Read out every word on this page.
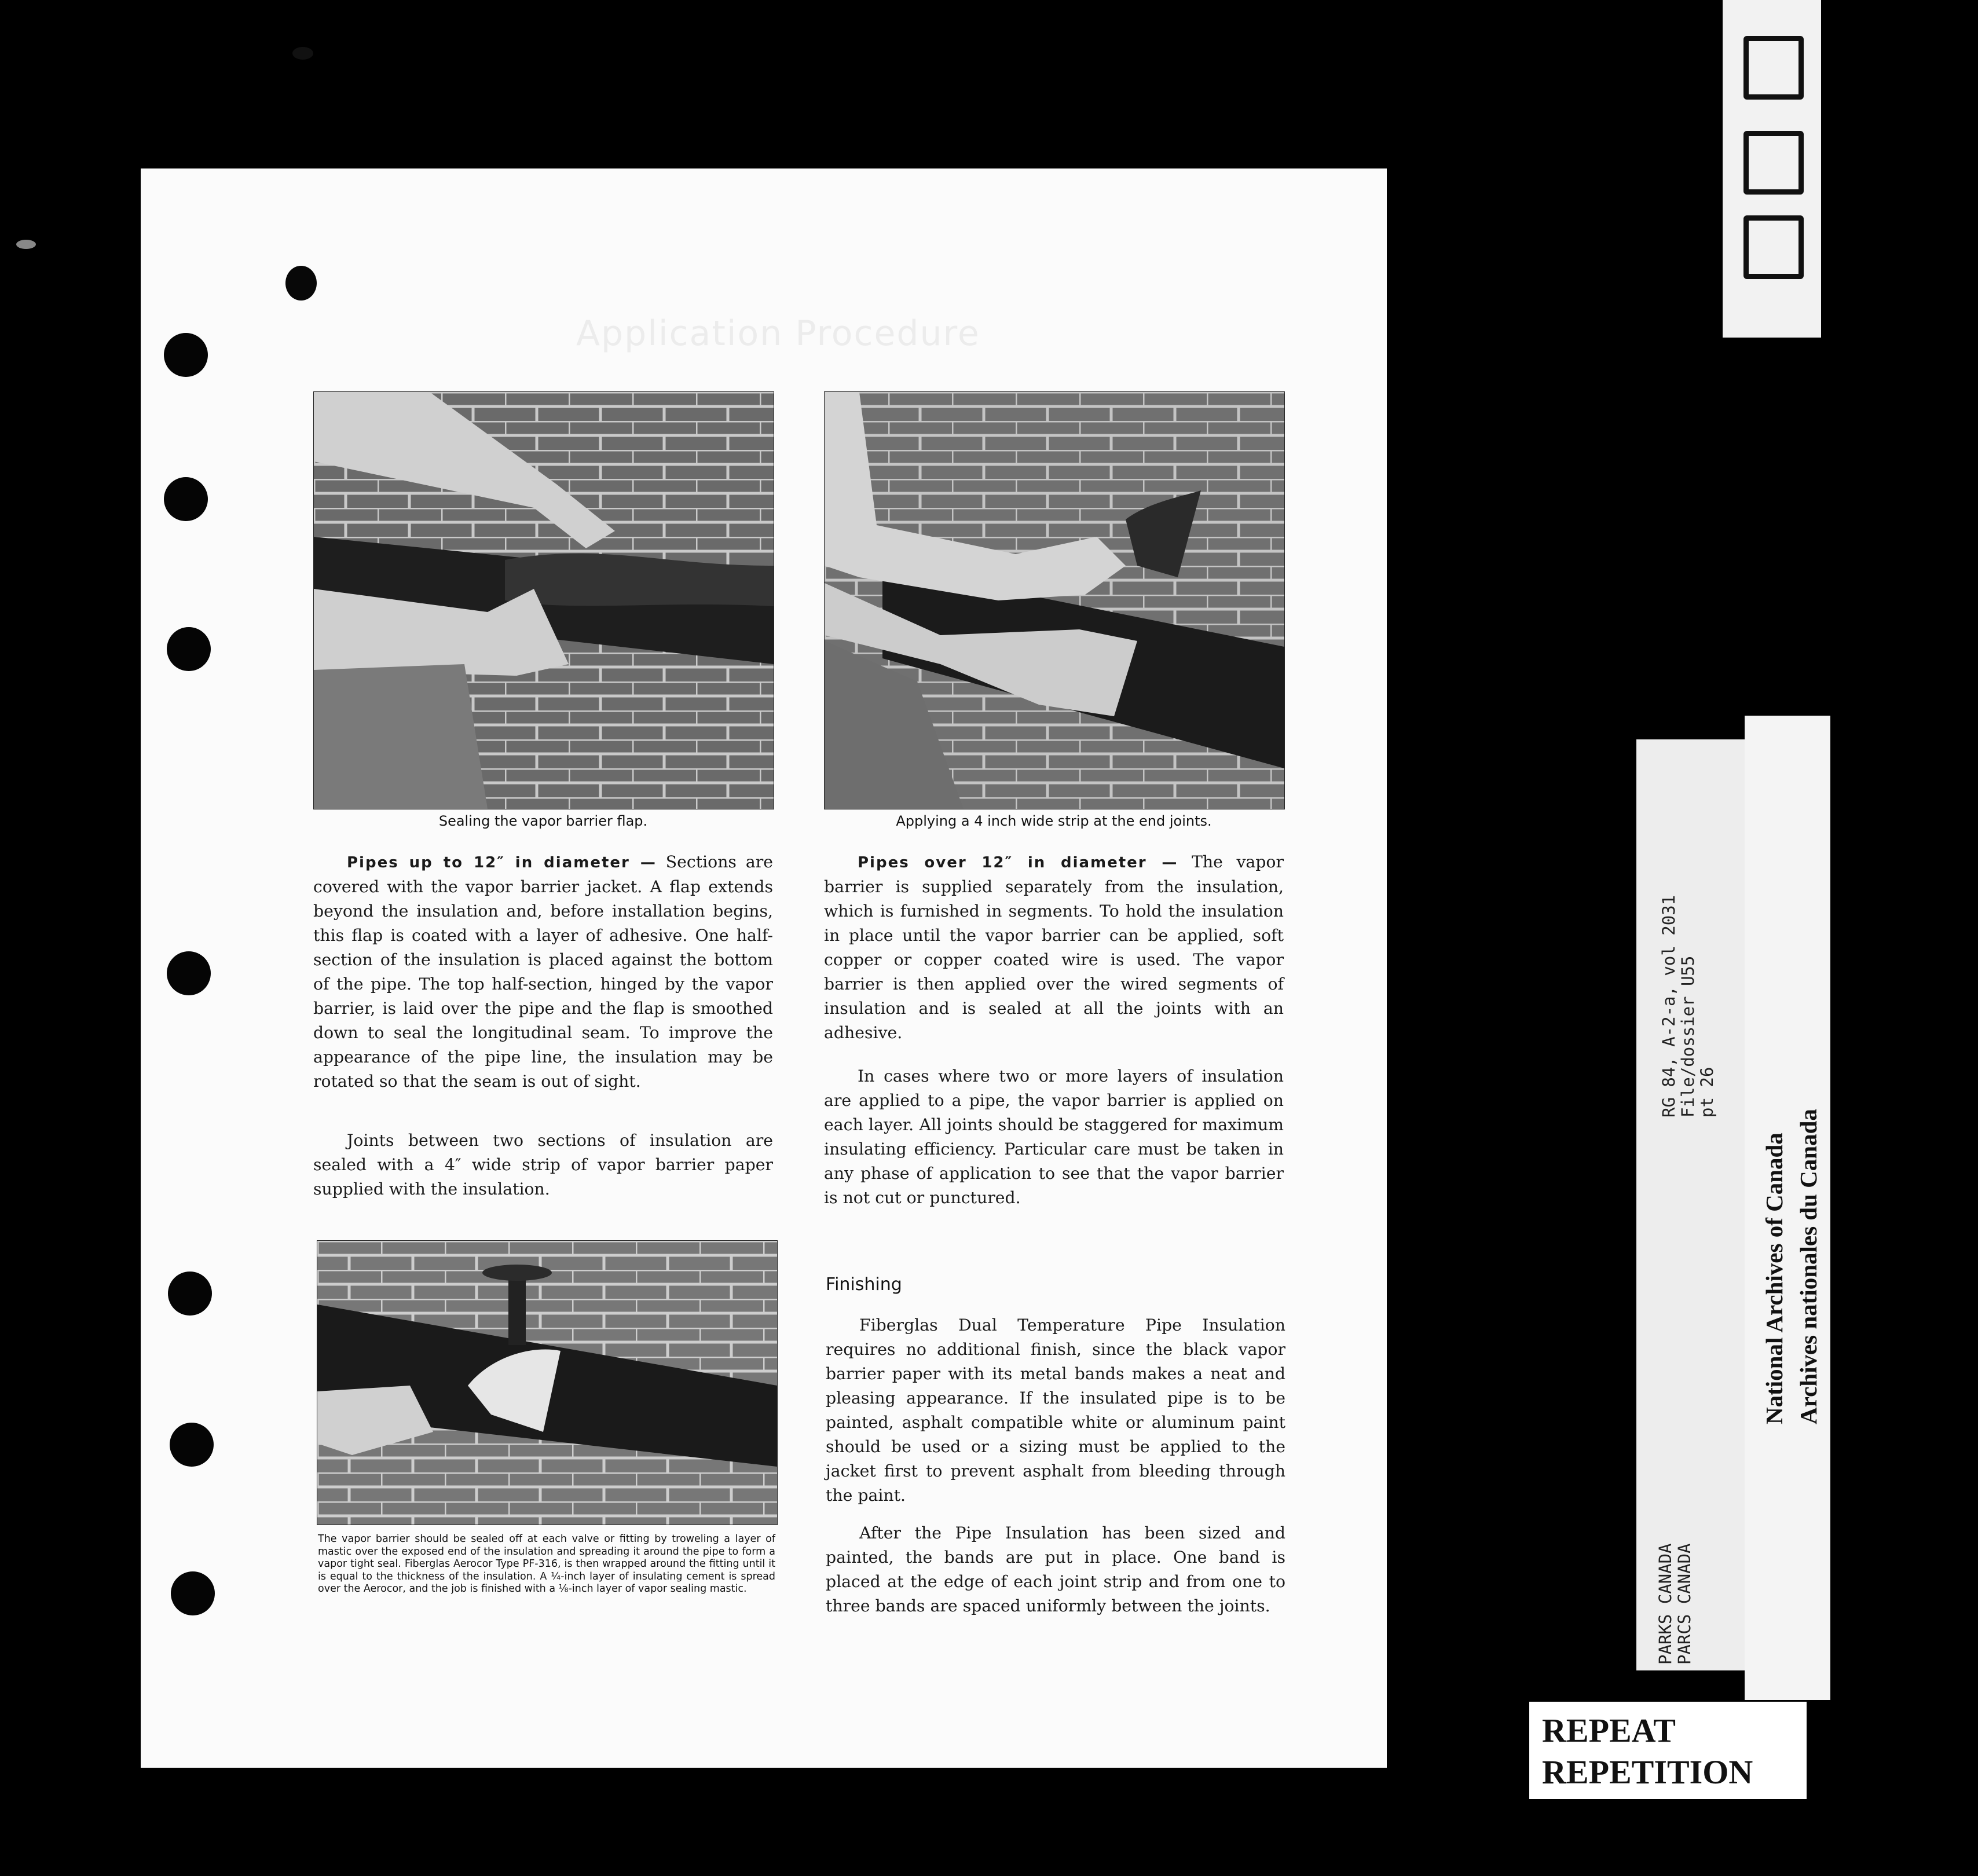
Application Procedure
Sealing the vapor barrier flap.	Applying a 4 inch wide strip at the end joints.

Pipes up to 12″ in diameter — Sections are covered with the vapor barrier jacket. A flap extends beyond the insulation and, before installation begins, this flap is coated with a layer of adhesive. One half-section of the insulation is placed against the bottom of the pipe. The top half-section, hinged by the vapor barrier, is laid over the pipe and the flap is smoothed down to seal the longitudinal seam. To improve the appearance of the pipe line, the insulation may be rotated so that the seam is out of sight.

Joints between two sections of insulation are sealed with a 4″ wide strip of vapor barrier paper supplied with the insulation.

The vapor barrier should be sealed off at each valve or fitting by troweling a layer of mastic over the exposed end of the insulation and spreading it around the pipe to form a vapor tight seal. Fiberglas Aerocor Type PF-316, is then wrapped around the fitting until it is equal to the thickness of the insulation. A ¼-inch layer of insulating cement is spread over the Aerocor, and the job is finished with a ⅛-inch layer of vapor sealing mastic.

Pipes over 12″ in diameter — The vapor barrier is supplied separately from the insulation, which is furnished in segments. To hold the insulation in place until the vapor barrier can be applied, soft copper or copper coated wire is used. The vapor barrier is then applied over the wired segments of insulation and is sealed at all the joints with an adhesive.

In cases where two or more layers of insulation are applied to a pipe, the vapor barrier is applied on each layer. All joints should be staggered for maximum insulating efficiency. Particular care must be taken in any phase of application to see that the vapor barrier is not cut or punctured.

Finishing

Fiberglas Dual Temperature Pipe Insulation requires no additional finish, since the black vapor barrier paper with its metal bands makes a neat and pleasing appearance. If the insulated pipe is to be painted, asphalt compatible white or aluminum paint should be used or a sizing must be applied to the jacket first to prevent asphalt from bleeding through the paint.

After the Pipe Insulation has been sized and painted, the bands are put in place. One band is placed at the edge of each joint strip and from one to three bands are spaced uniformly between the joints.

RG 84, A-2-a, vol 2031 File/dossier U55 pt 26
PARKS CANADA PARCS CANADA
National Archives of Canada Archives nationales du Canada
REPEAT
REPETITION
